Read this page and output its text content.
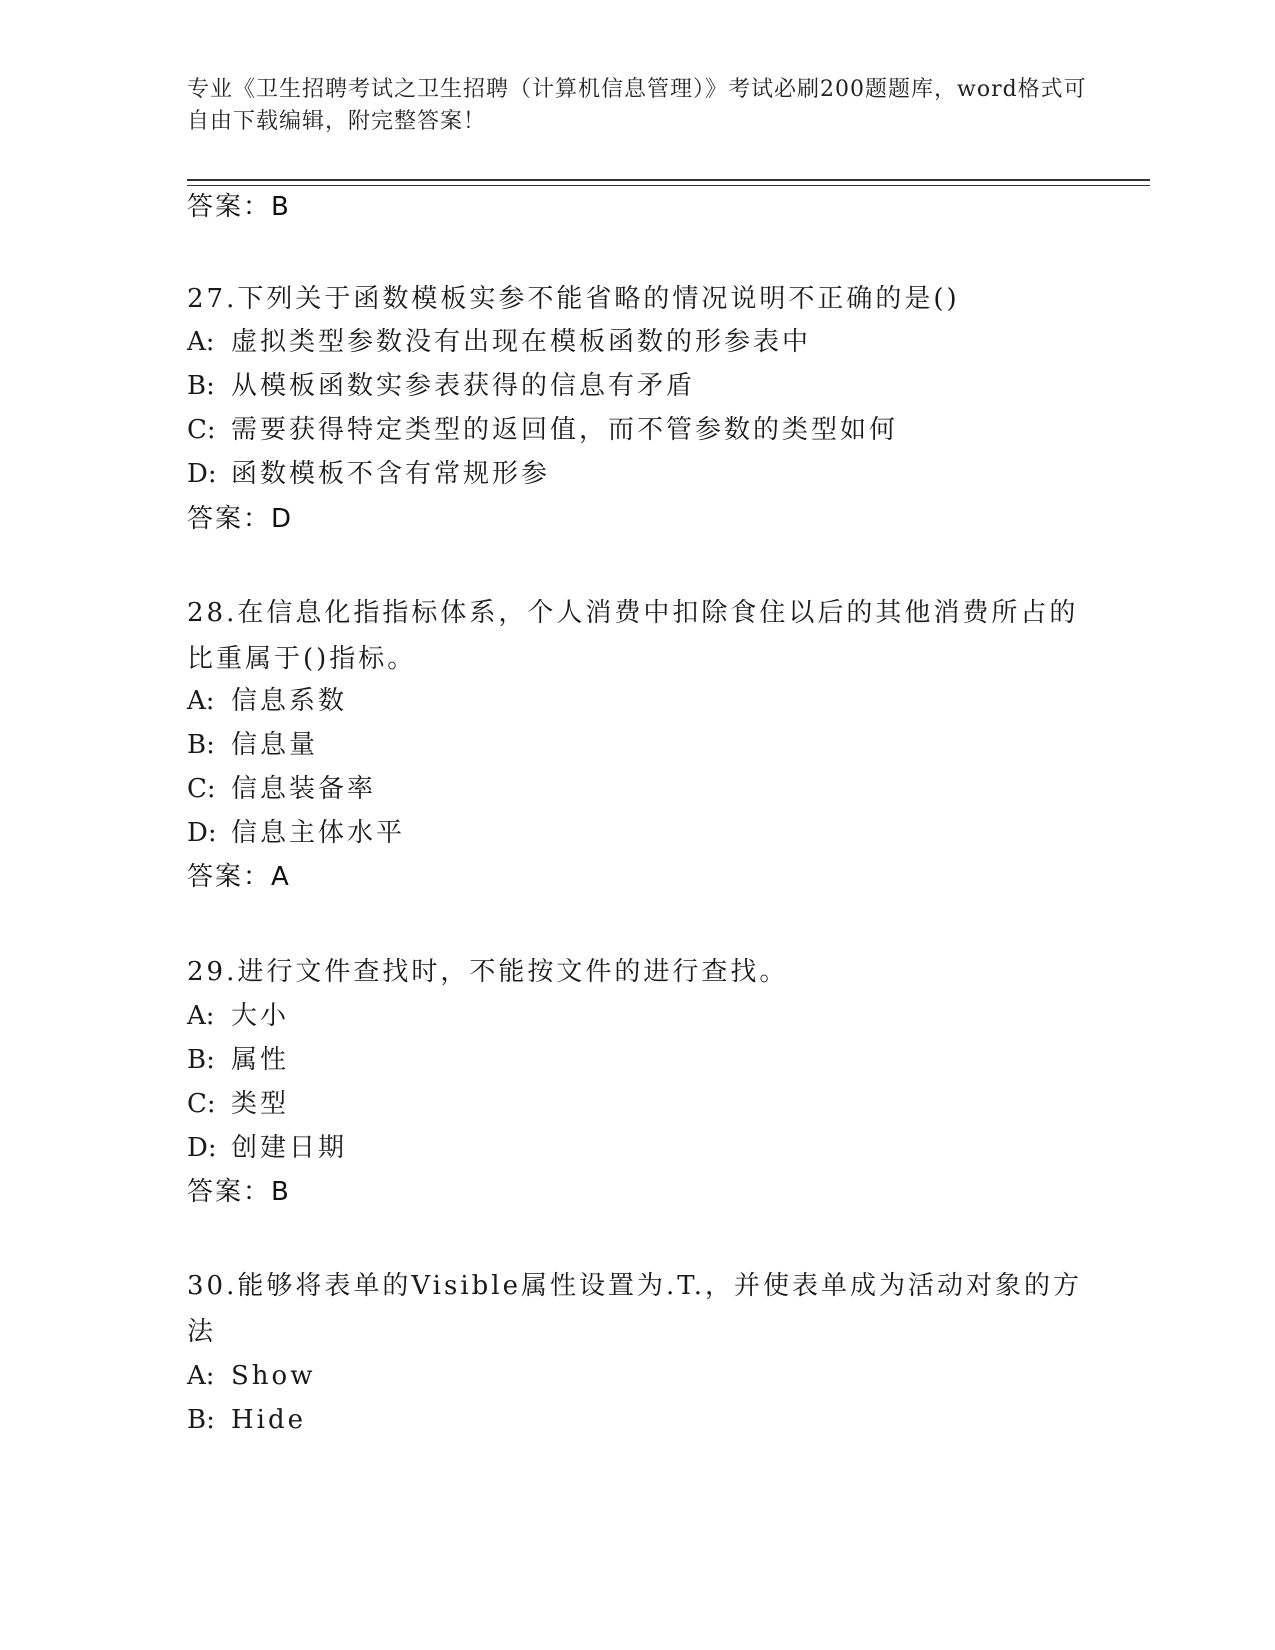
专业《卫生招聘考试之卫生招聘（计算机信息管理）》考试必刷200题题库，word格式可自由下载编辑，附完整答案！
答案：B
27.下列关于函数模板实参不能省略的情况说明不正确的是()
A: 虚拟类型参数没有出现在模板函数的形参表中
B: 从模板函数实参表获得的信息有矛盾
C: 需要获得特定类型的返回值，而不管参数的类型如何
D: 函数模板不含有常规形参
答案：D
28.在信息化指指标体系，个人消费中扣除食住以后的其他消费所占的比重属于()指标。
A: 信息系数
B: 信息量
C: 信息装备率
D: 信息主体水平
答案：A
29.进行文件查找时，不能按文件的进行查找。
A: 大小
B: 属性
C: 类型
D: 创建日期
答案：B
30.能够将表单的Visible属性设置为.T.，并使表单成为活动对象的方法
A: Show
B: Hide
